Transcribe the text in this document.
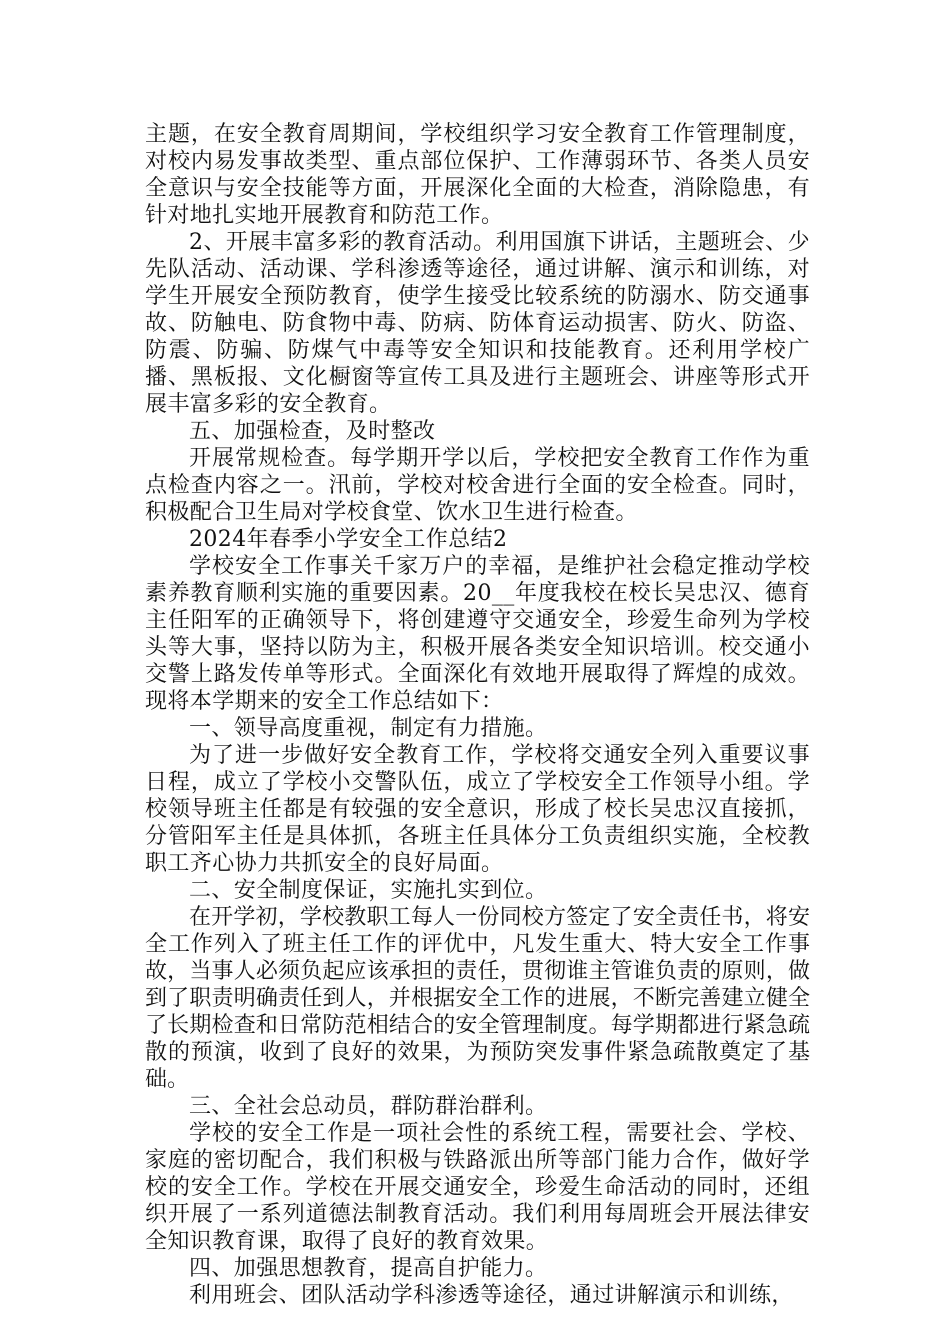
主题，在安全教育周期间，学校组织学习安全教育工作管理制度，对校内易发事故类型、重点部位保护、工作薄弱环节、各类人员安全意识与安全技能等方面，开展深化全面的大检查，消除隐患，有针对地扎实地开展教育和防范工作。

2、开展丰富多彩的教育活动。利用国旗下讲话，主题班会、少先队活动、活动课、学科渗透等途径，通过讲解、演示和训练，对学生开展安全预防教育，使学生接受比较系统的防溺水、防交通事故、防触电、防食物中毒、防病、防体育运动损害、防火、防盗、防震、防骗、防煤气中毒等安全知识和技能教育。还利用学校广播、黑板报、文化橱窗等宣传工具及进行主题班会、讲座等形式开展丰富多彩的安全教育。

五、加强检查，及时整改

开展常规检查。每学期开学以后，学校把安全教育工作作为重点检查内容之一。汛前，学校对校舍进行全面的安全检查。同时，积极配合卫生局对学校食堂、饮水卫生进行检查。

2024年春季小学安全工作总结2

学校安全工作事关千家万户的幸福，是维护社会稳定推动学校素养教育顺利实施的重要因素。20__年度我校在校长吴忠汉、德育主任阳军的正确领导下，将创建遵守交通安全，珍爱生命列为学校头等大事，坚持以防为主，积极开展各类安全知识培训。校交通小交警上路发传单等形式。全面深化有效地开展取得了辉煌的成效。现将本学期来的安全工作总结如下：

一、领导高度重视，制定有力措施。

为了进一步做好安全教育工作，学校将交通安全列入重要议事日程，成立了学校小交警队伍，成立了学校安全工作领导小组。学校领导班主任都是有较强的安全意识，形成了校长吴忠汉直接抓，分管阳军主任是具体抓，各班主任具体分工负责组织实施，全校教职工齐心协力共抓安全的良好局面。

二、安全制度保证，实施扎实到位。

在开学初，学校教职工每人一份同校方签定了安全责任书，将安全工作列入了班主任工作的评优中，凡发生重大、特大安全工作事故，当事人必须负起应该承担的责任，贯彻谁主管谁负责的原则，做到了职责明确责任到人，并根据安全工作的进展，不断完善建立健全了长期检查和日常防范相结合的安全管理制度。每学期都进行紧急疏散的预演，收到了良好的效果，为预防突发事件紧急疏散奠定了基础。

三、全社会总动员，群防群治群利。

学校的安全工作是一项社会性的系统工程，需要社会、学校、家庭的密切配合，我们积极与铁路派出所等部门能力合作，做好学校的安全工作。学校在开展交通安全，珍爱生命活动的同时，还组织开展了一系列道德法制教育活动。我们利用每周班会开展法律安全知识教育课，取得了良好的教育效果。

四、加强思想教育，提高自护能力。

利用班会、团队活动学科渗透等途径，通过讲解演示和训练，
